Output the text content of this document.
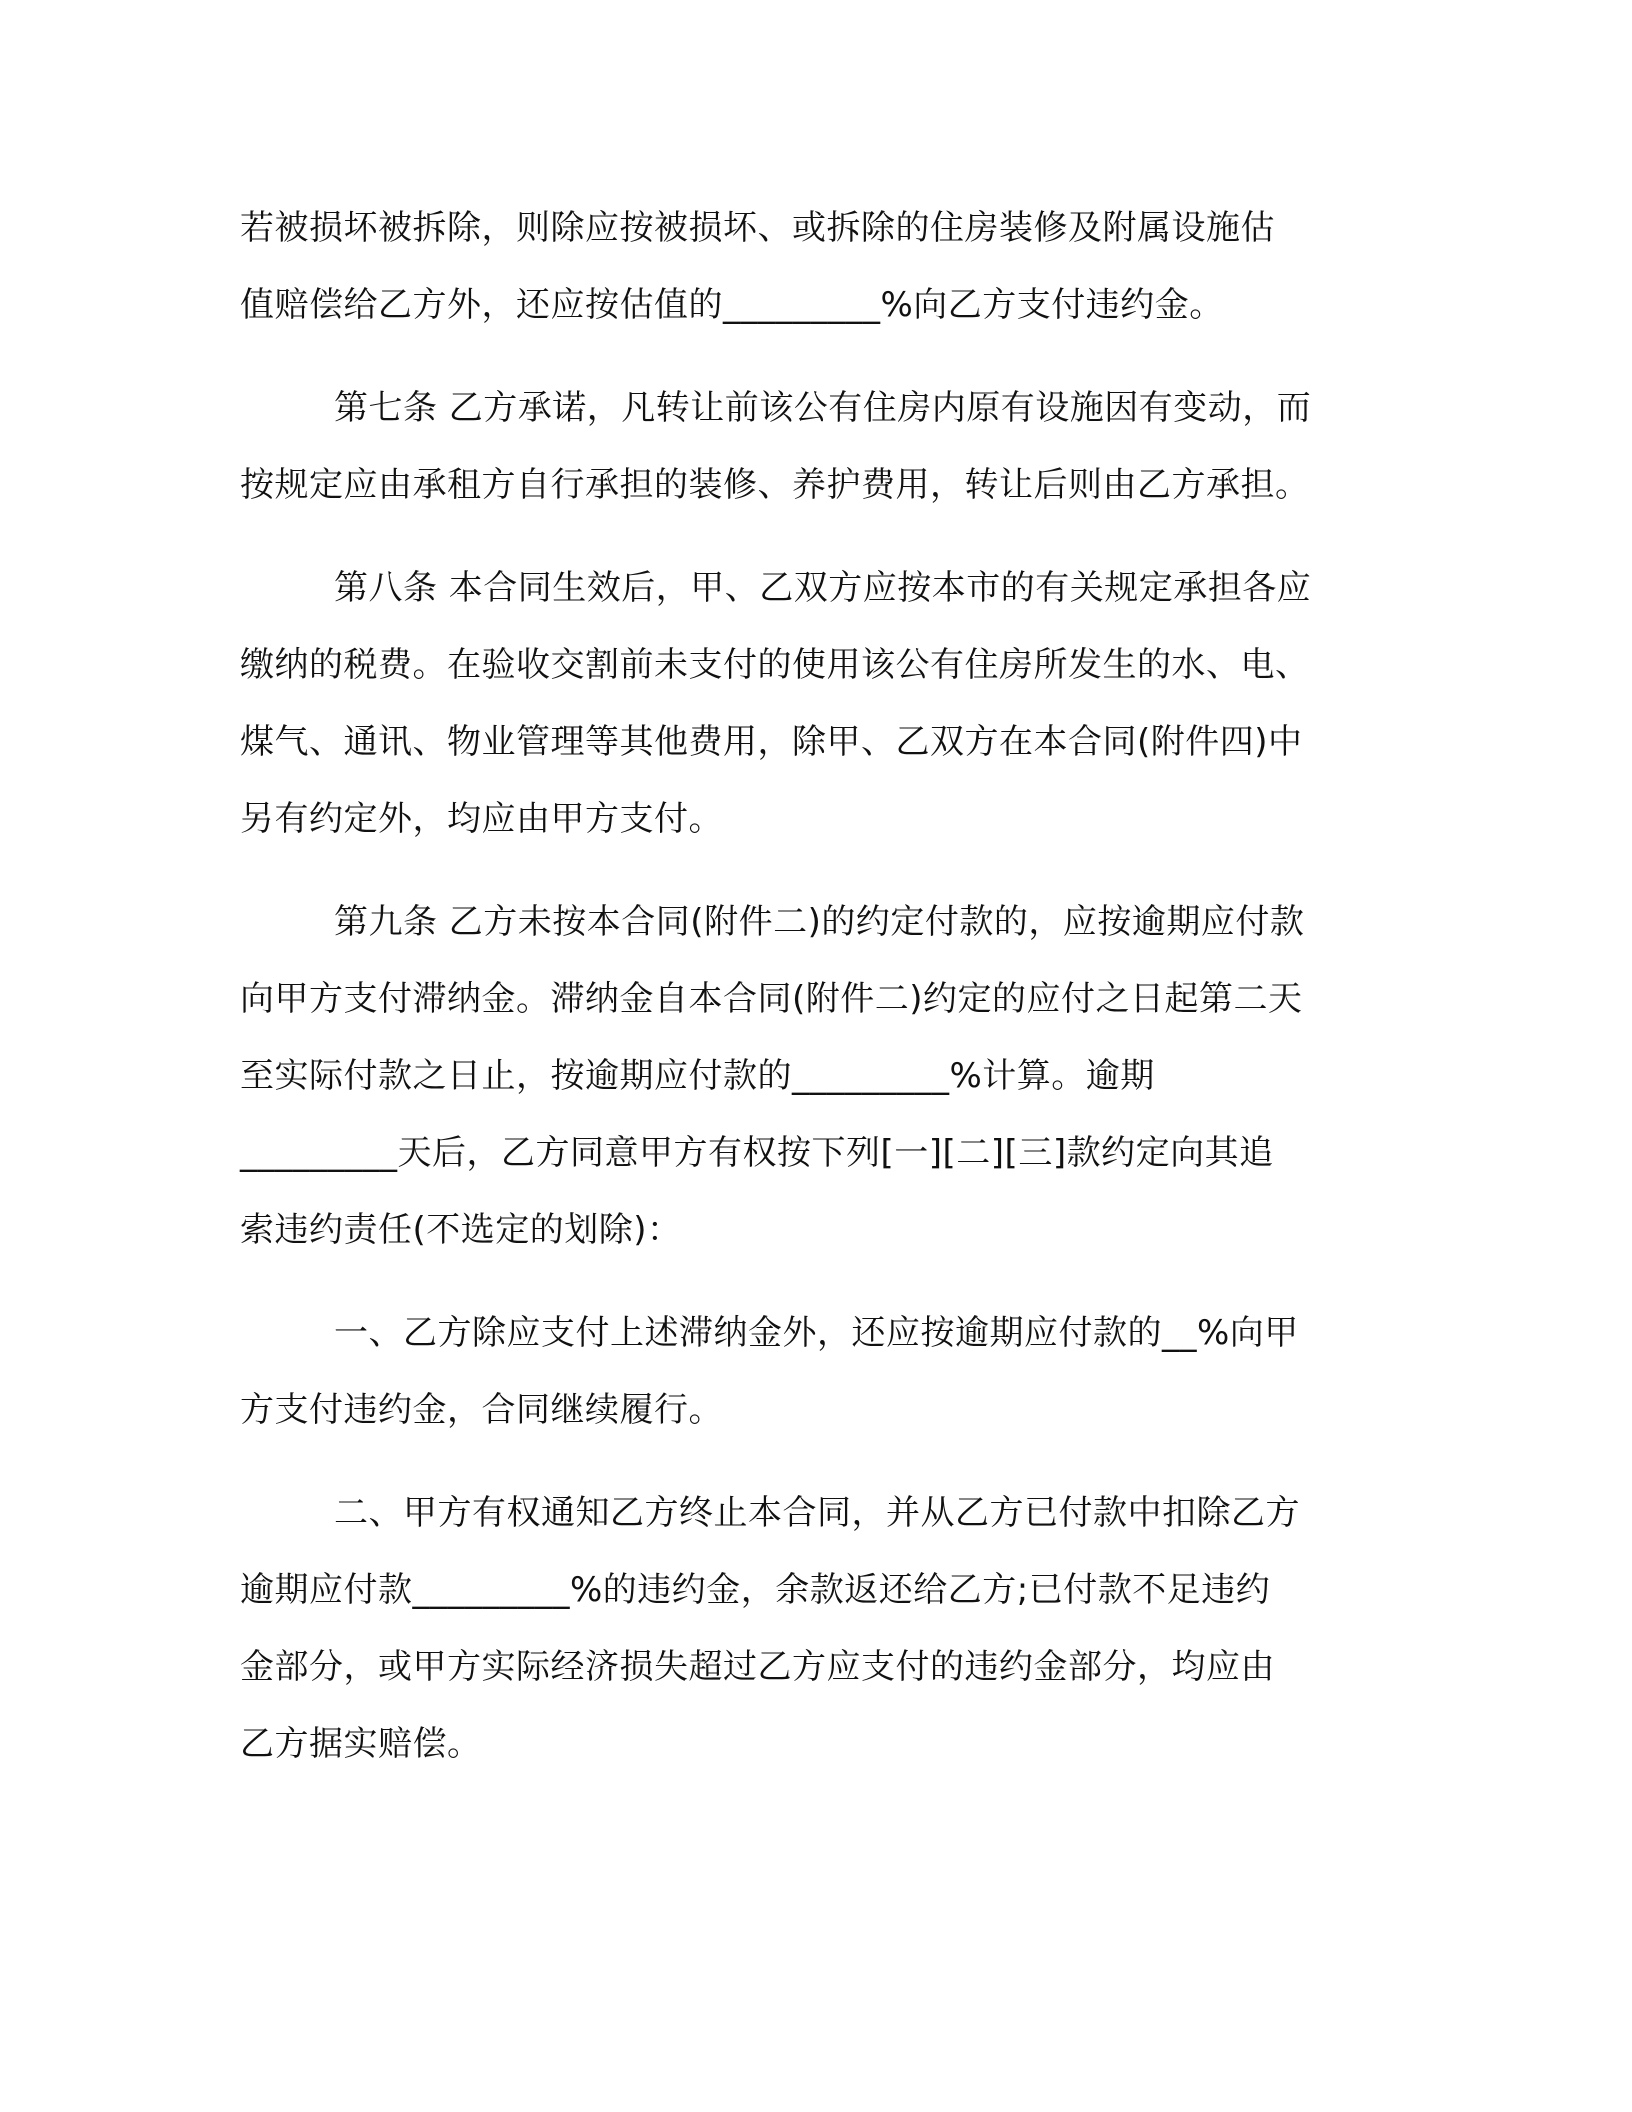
若被损坏被拆除，则除应按被损坏、或拆除的住房装修及附属设施估
值赔偿给乙方外，还应按估值的_________%向乙方支付违约金。
第七条 乙方承诺，凡转让前该公有住房内原有设施因有变动，而
按规定应由承租方自行承担的装修、养护费用，转让后则由乙方承担。
第八条 本合同生效后，甲、乙双方应按本市的有关规定承担各应
缴纳的税费。在验收交割前未支付的使用该公有住房所发生的水、电、
煤气、通讯、物业管理等其他费用，除甲、乙双方在本合同(附件四)中
另有约定外，均应由甲方支付。
第九条 乙方未按本合同(附件二)的约定付款的，应按逾期应付款
向甲方支付滞纳金。滞纳金自本合同(附件二)约定的应付之日起第二天
至实际付款之日止，按逾期应付款的_________%计算。逾期
_________天后，乙方同意甲方有权按下列[一][二][三]款约定向其追
索违约责任(不选定的划除)：
一、乙方除应支付上述滞纳金外，还应按逾期应付款的__%向甲
方支付违约金，合同继续履行。
二、甲方有权通知乙方终止本合同，并从乙方已付款中扣除乙方
逾期应付款_________%的违约金，余款返还给乙方;已付款不足违约
金部分，或甲方实际经济损失超过乙方应支付的违约金部分，均应由
乙方据实赔偿。
